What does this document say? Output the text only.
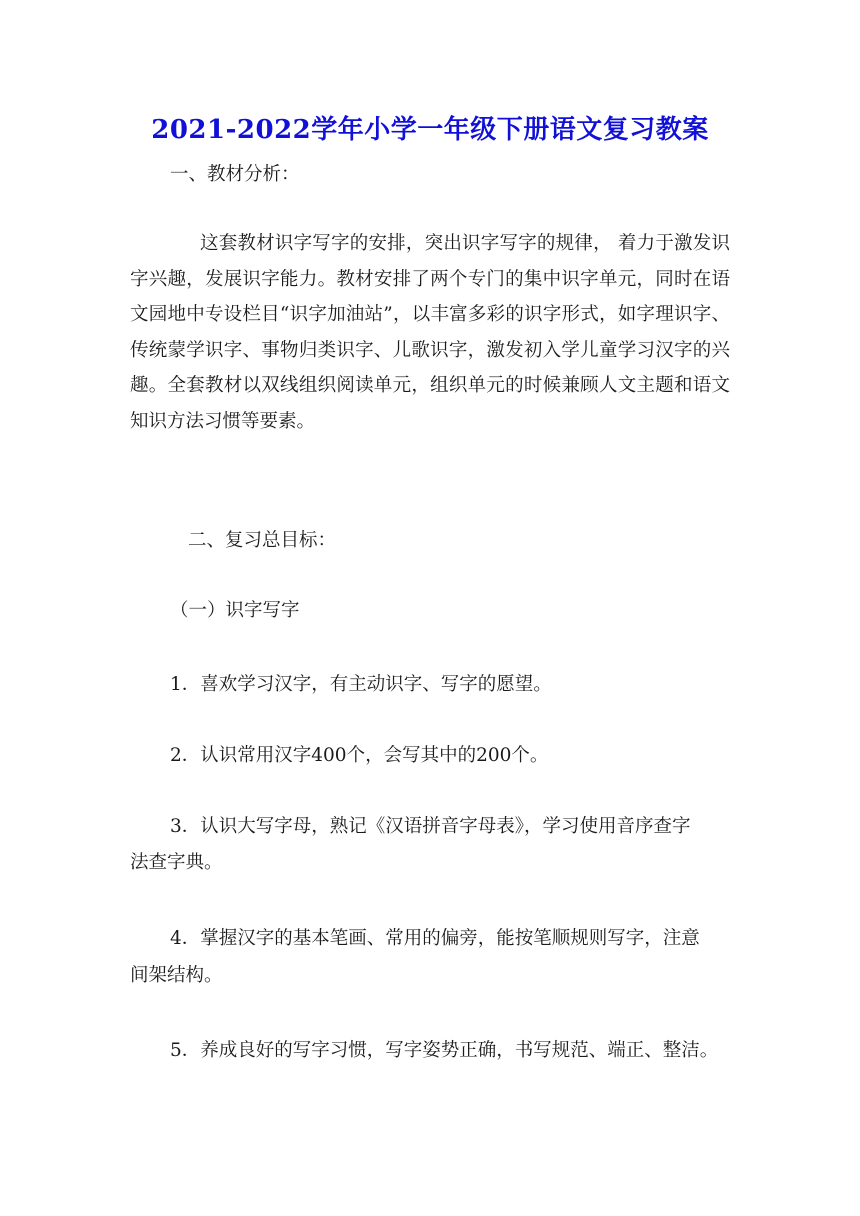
2021-2022学年小学一年级下册语文复习教案
一、教材分析：
这套教材识字写字的安排，突出识字写字的规律， 着力于激发识字兴趣，发展识字能力。教材安排了两个专门的集中识字单元，同时在语文园地中专设栏目“识字加油站”，以丰富多彩的识字形式，如字理识字、传统蒙学识字、事物归类识字、儿歌识字，激发初入学儿童学习汉字的兴趣。全套教材以双线组织阅读单元，组织单元的时候兼顾人文主题和语文知识方法习惯等要素。
二、复习总目标：
（一）识字写字
1．喜欢学习汉字，有主动识字、写字的愿望。
2．认识常用汉字400个，会写其中的200个。
3．认识大写字母，熟记《汉语拼音字母表》，学习使用音序查字
法查字典。
4．掌握汉字的基本笔画、常用的偏旁，能按笔顺规则写字，注意
间架结构。
5．养成良好的写字习惯，写字姿势正确，书写规范、端正、整洁。
